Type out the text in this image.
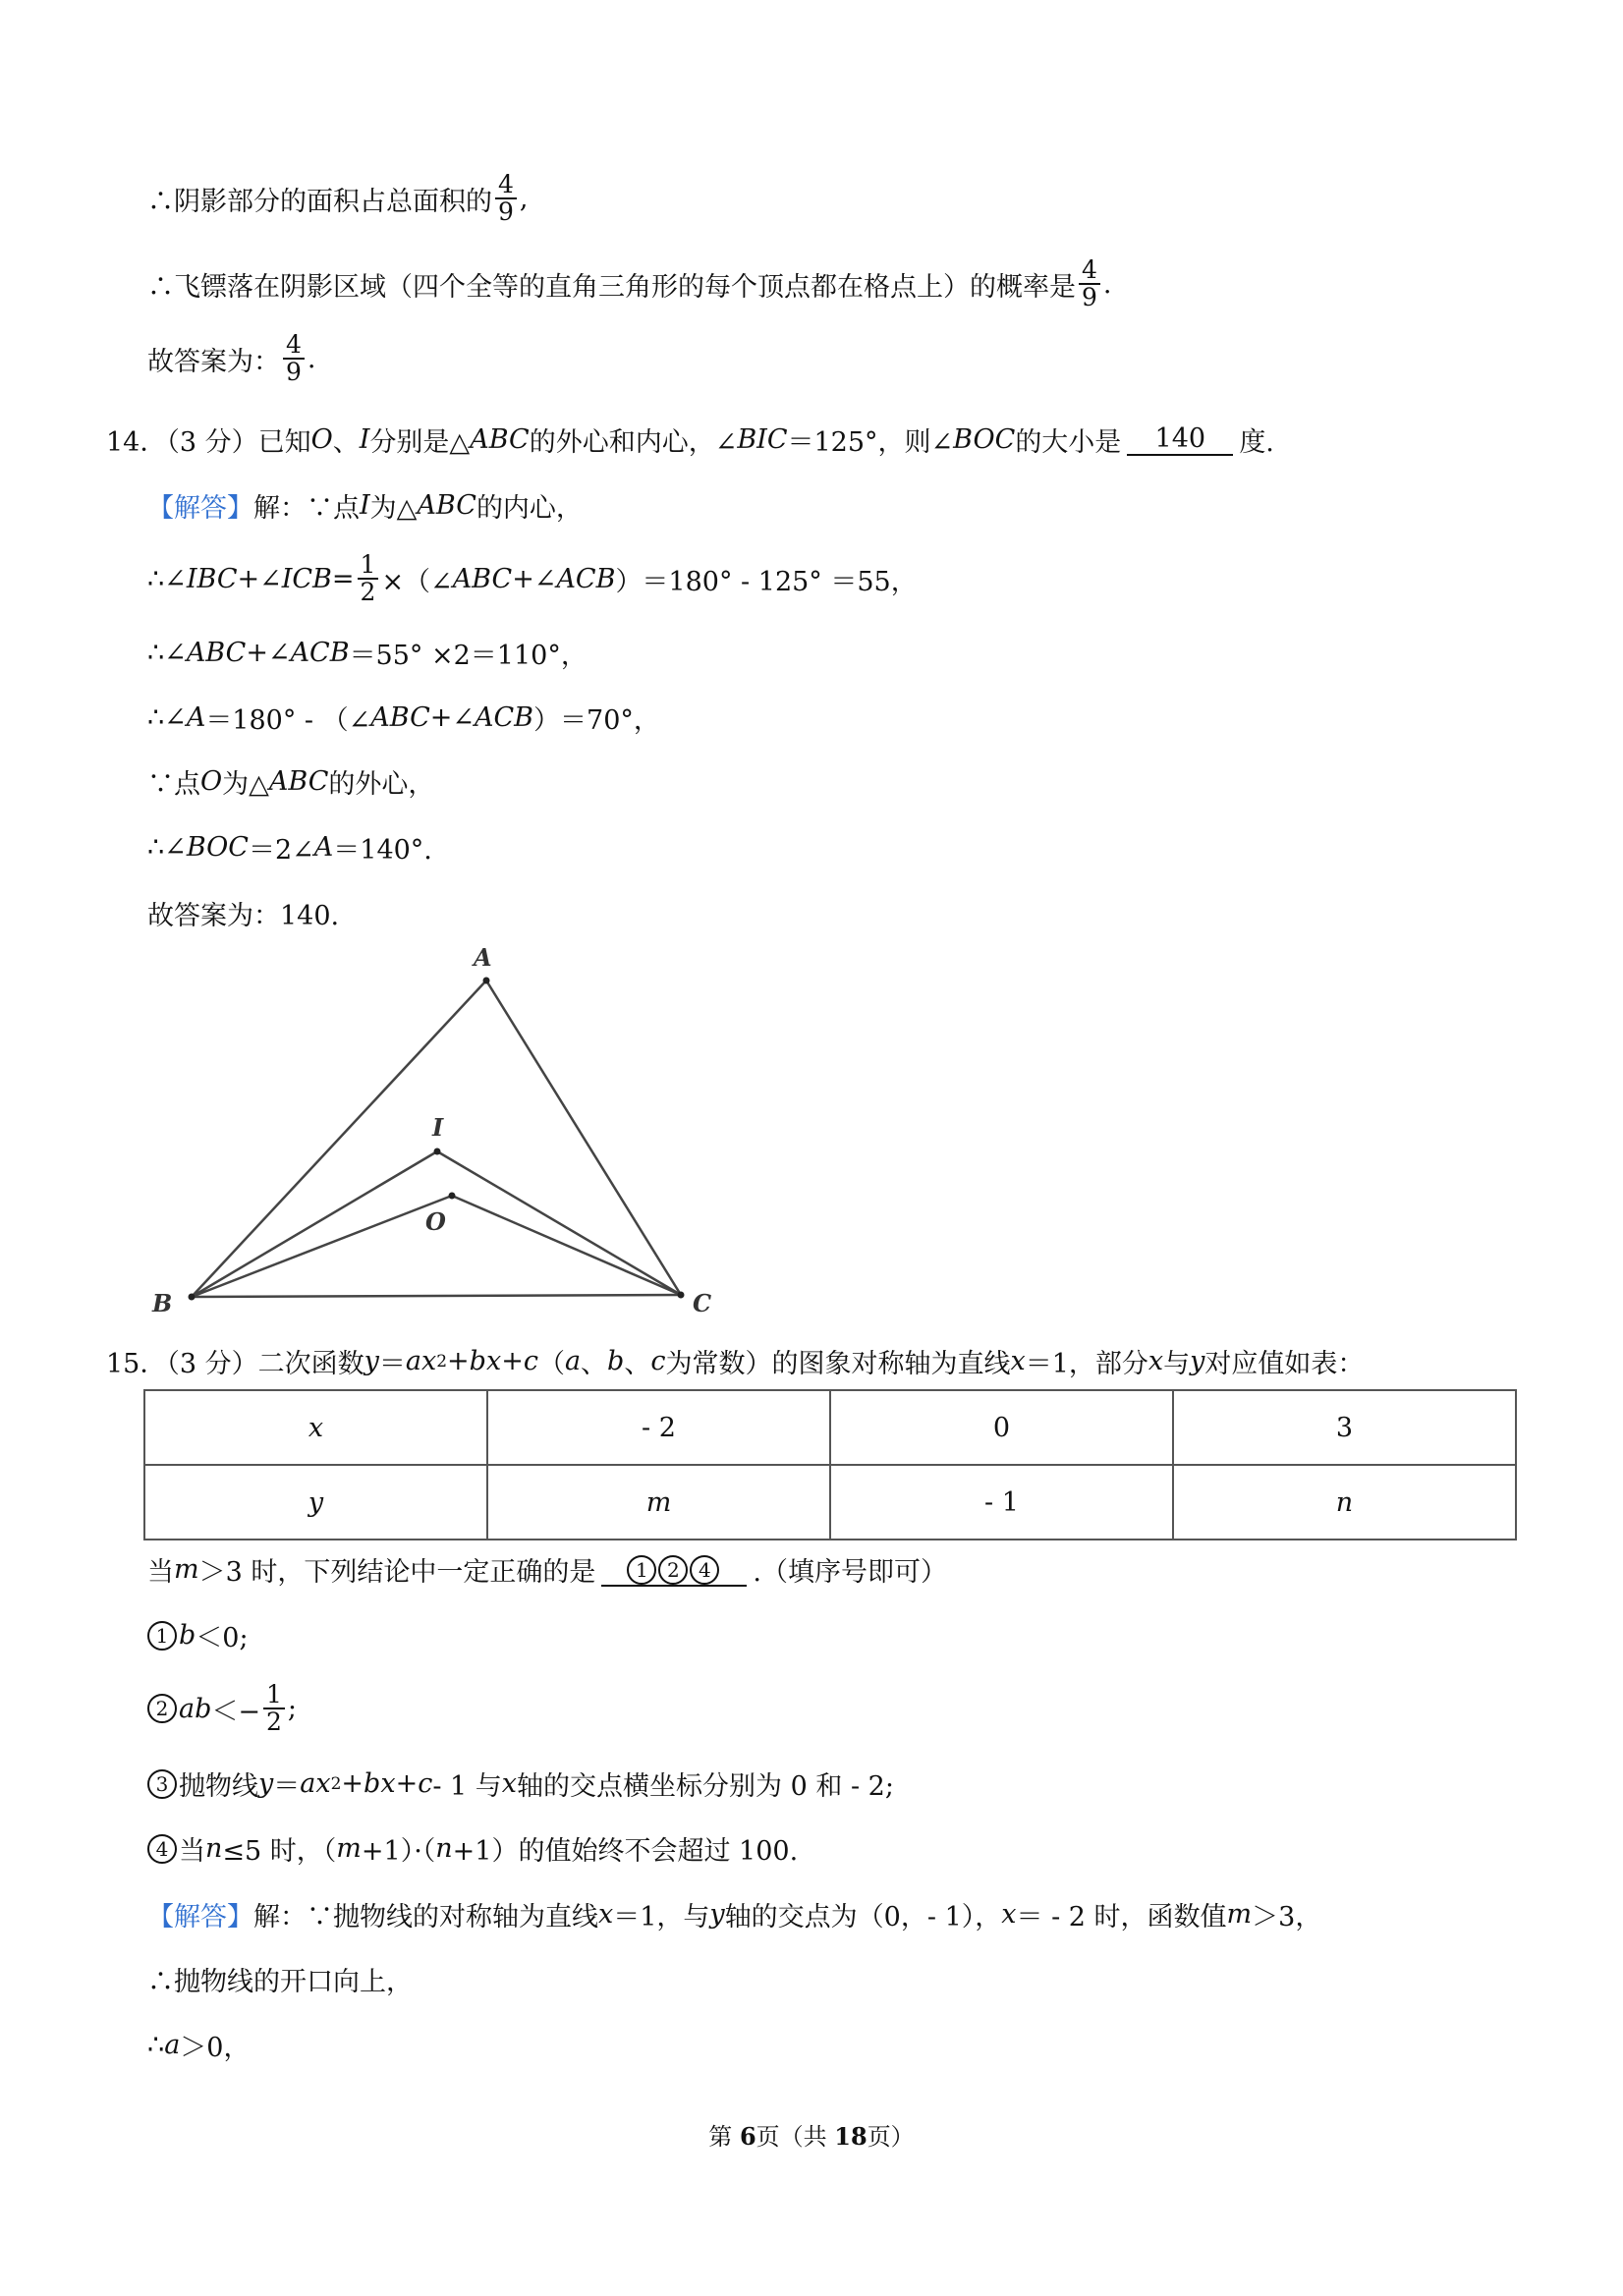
∴阴影部分的面积占总面积的 $\frac{4}{9}$ ,
∴飞镖落在阴影区域（四个全等的直角三角形的每个顶点都在格点上）的概率是 $\frac{4}{9}$ .
故答案为： $\frac{4}{9}$ .
14．（3 分）已知 O 、 I 分别是△ ABC 的外心和内心，∠ BIC ＝125°，则∠ BOC 的大小是	140	度.
【解答】 解：∵点 I 为△ ABC 的内心，
∴∠ IBC +∠ ICB = $\frac{1}{2}$ ×（∠ ABC +∠ ACB ）＝180° - 125° ＝55，
∴∠ ABC +∠ ACB ＝55° ×2＝110°，
∴∠ A ＝180° - （∠ ABC +∠ ACB ）＝70°，
∵点 O 为△ ABC 的外心，
∴∠ BOC ＝2∠ A ＝140°.
故答案为：140.
A
B	C
I
O
15．（3 分）二次函数 y ＝ ax 2 + bx + c （ a 、 b 、 c 为常数）的图象对称轴为直线 x ＝1，部分 x 与 y 对应值如表：
x	- 2	0	3
y	m	- 1	n
当 m ＞3 时，下列结论中一定正确的是	1 2 4	.（填序号即可）
1 b ＜0;
2 ab ＜− $\frac{1}{2}$ ;
3 抛物线 y ＝ ax 2 + bx + c - 1 与 x 轴的交点横坐标分别为 0 和 - 2;
4 当 n ≤5 时，（ m +1）·（ n +1）的值始终不会超过 100.
【解答】 解：∵抛物线的对称轴为直线 x ＝1，与 y 轴的交点为（0，- 1）， x ＝ - 2 时，函数值 m ＞3，
∴抛物线的开口向上，
∴ a ＞0，
第 6页（共 18页）
